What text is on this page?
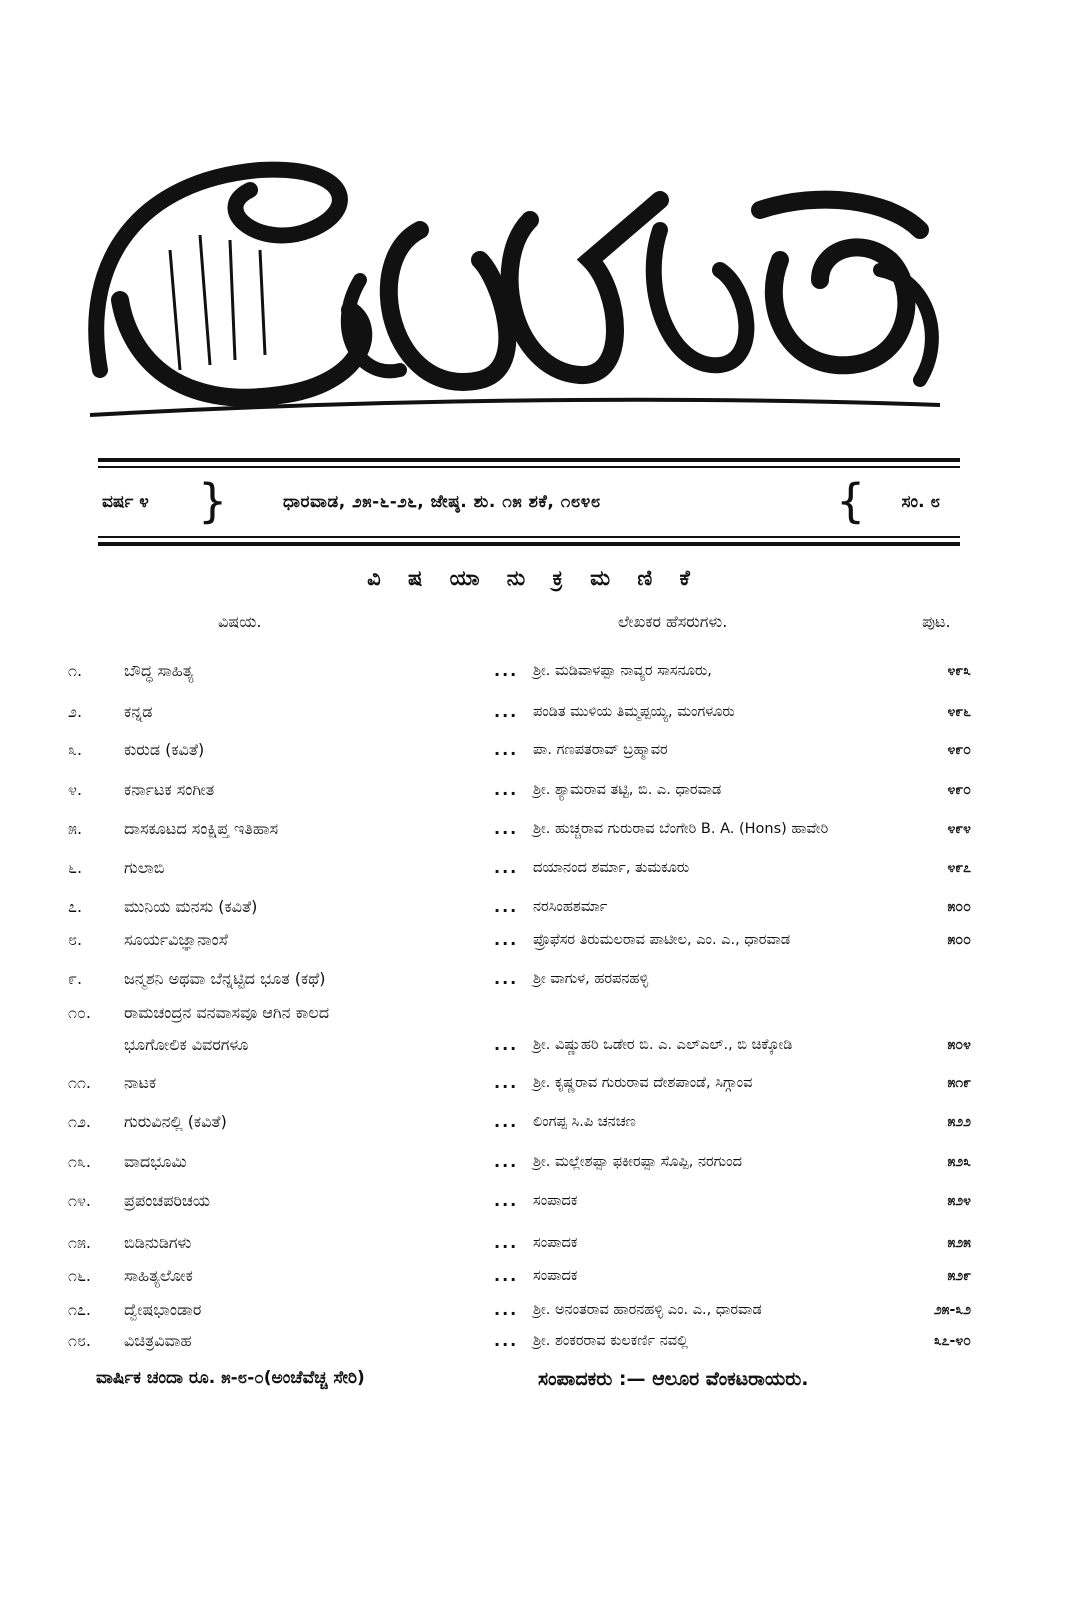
ವರ್ಷ ೪ }	ಧಾರವಾಡ, ೨೫-೬-೨೬, ಜೇಷ್ಠ. ಶು. ೧೫ ಶಕೆ, ೧೮೪೮	{ ಸಂ. ೮
ವಿ ಷ ಯಾ ನು ಕ್ರ ಮ ಣಿ ಕೆ
ವಿಷಯ.	ಲೇಖಕರ ಹೆಸರುಗಳು.	ಪುಟ.
೧.	ಬೌದ್ಧ ಸಾಹಿತ್ಯ	... ಶ್ರೀ. ಮಡಿವಾಳಪ್ಪಾ ನಾವ್ಯರ ಸಾಸನೂರು,	೪೯೩
೨.	ಕನ್ನಡ	... ಪಂಡಿತ ಮುಳಿಯ ತಿಮ್ಮಪ್ಪಯ್ಯ, ಮಂಗಳೂರು	೪೯೬
೩.	ಕುರುಡ (ಕವಿತೆ)	... ಪಾ. ಗಣಪತರಾವ್ ಬ್ರಹ್ಮಾವರ	೪೯೦
೪.	ಕರ್ನಾಟಕ ಸಂಗೀತ	... ಶ್ರೀ. ಶ್ಯಾಮರಾವ ತಟ್ಟಿ, ಬಿ. ಎ. ಧಾರವಾಡ	೪೯೦
೫.	ದಾಸಕೂಟದ ಸಂಕ್ಷಿಪ್ತ ಇತಿಹಾಸ	... ಶ್ರೀ. ಹುಚ್ಚರಾವ ಗುರುರಾವ ಬೆಂಗೇರಿ B. A. (Hons) ಹಾವೇರಿ	೪೯೪
೬.	ಗುಲಾಬಿ	... ದಯಾನಂದ ಶರ್ಮಾ, ತುಮಕೂರು	೪೯೭
೭.	ಮುನಿಯ ಮನಸು (ಕವಿತೆ)	... ನರಸಿಂಹಶರ್ಮಾ	೫೦೦
೮.	ಸೂರ್ಯವಿಜ್ಞಾನಾಂಸೆ	... ಪ್ರೊಫೆಸರ ತಿರುಮಲರಾವ ಪಾಟೀಲ, ಎಂ. ಎ., ಧಾರವಾಡ	೫೦೦
೯.	ಜನ್ಮಶನಿ ಅಥವಾ ಬೆನ್ನಟ್ಟಿದ ಭೂತ (ಕಥೆ)	... ಶ್ರೀ ವಾಗುಳ, ಹರಪನಹಳ್ಳಿ
೧೦.	ರಾಮಚಂದ್ರನ ವನವಾಸವೂ ಆಗಿನ ಕಾಲದ
ಭೂಗೋಲಿಕ ವಿವರಗಳೂ	... ಶ್ರೀ. ವಿಷ್ಣುಹರಿ ಒಡೇರ ಬಿ. ಎ. ಎಲ್‌ಎಲ್., ಬಿ ಚಿಕ್ಕೋಡಿ	೫೦೪
೧೧.	ನಾಟಕ	... ಶ್ರೀ. ಕೃಷ್ಣರಾವ ಗುರುರಾವ ದೇಶಪಾಂಡೆ, ಸಿಗ್ಗಾಂವ	೫೧೯
೧೨.	ಗುರುವಿನಲ್ಲಿ (ಕವಿತೆ)	... ಲಿಂಗಪ್ಪ ಸಿ.ಪಿ ಚನಚಣ	೫೨೨
೧೩.	ವಾದಭೂಮಿ	... ಶ್ರೀ. ಮಲ್ಲೇಶಪ್ಪಾ ಫಕೀರಪ್ಪಾ ಸೊಪ್ಪಿ, ನರಗುಂದ	೫೨೩
೧೪.	ಪ್ರಪಂಚಪರಿಚಯ	... ಸಂಪಾದಕ	೫೨೪
೧೫.	ಬಿಡಿನುಡಿಗಳು	... ಸಂಪಾದಕ	೫೨೫
೧೬.	ಸಾಹಿತ್ಯಲೋಕ	... ಸಂಪಾದಕ	೫೨೯
೧೭.	ದ್ವೇಷಭಾಂಡಾರ	... ಶ್ರೀ. ಅನಂತರಾವ ಹಾರನಹಳ್ಳಿ ಎಂ. ಎ., ಧಾರವಾಡ	೨೫-೩೨
೧೮.	ವಿಚಿತ್ರವಿವಾಹ	... ಶ್ರೀ. ಶಂಕರರಾವ ಕುಲಕರ್ಣಿ ನವಲ್ಲಿ	೩೭-೪೦
ವಾರ್ಷಿಕ ಚಂದಾ ರೂ. ೫-೮-೦(ಅಂಚೆವೆಚ್ಚ ಸೇರಿ)	ಸಂಪಾದಕರು :— ಆಲೂರ ವೆಂಕಟರಾಯರು.
